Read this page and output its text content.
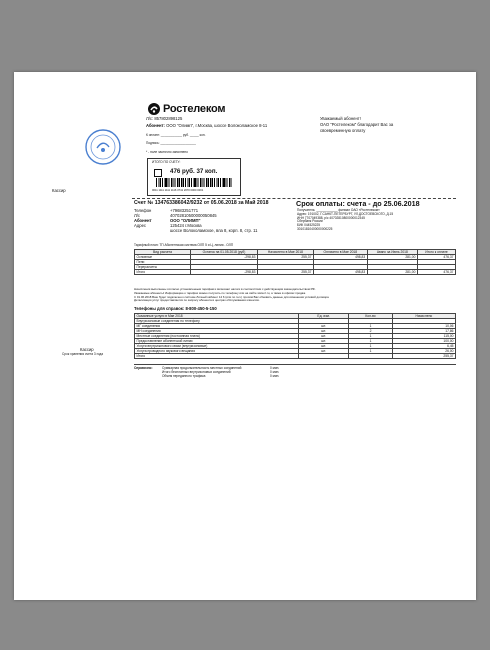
Ростелеком
Л/с: 857802898125
Абонент: ООО "Олимп", г.Москва, шоссе Волоколамское 8-11
К оплате: ____________ руб. _____ коп.
Подпись: ____________________
* - поле частично заполнено
Уважаемый абонент!
ОАО "Ростелеком" благодарит Вас за
своевременную оплату
ИТОГО ПО СЧЕТУ:
476 руб. 37 коп.
0011 1111 1111 1116 3741 2070 0000 0001
Кассир
Счет № 134763386042/9232 от 05.06.2018 за Май 2018	Срок оплаты: счета - до 25.06.2018
Телефон	+79683251771
Л/с	40702810500000050845
Абонент	ООО "ОЛИМП"
Адрес	125424 г.Москва
шоссе Волоколамское, вла 8, корп. 8, стр. 11
Получатель: ____________ филиал ОАО «Ростелеком»
Адрес: 191002, Г.САНКТ-ПЕТЕРБУРГ, УЛ.ДОСТОЕВСКОГО, Д.15
ИНН 7707049388, р/с 40702810800000012345
Сбербанк России
БИК 044525225
30101810400000000225
Тарифный план: ТП Абонентская система ОЛП 5 и Ц, линия - ОЛП
Вид расчета	Остаток на 01.05.2018 (руб)	Начислено в Мае 2018	Оплачено в Мае 2018	Аванс за Июнь 2018	Итого к оплате
Основные	-298,83	255,37	498,83	281,00	476,37
Пени					
Перерасчеты					
Итого	-298,83	255,37	498,83	281,00	476,37
Начисления выполнены согласно установленным тарифам и включают налоги в соответствии с действующим законодательством РФ.
Уважаемые абоненты! Информацию о тарифах можно получить по телефону или на сайте www.rt.ru, а также в офисах продаж.
С 01.06.2018 Ваш будет подключен к системе Личный кабинет 14 6 (или по тел.) просим Вас обновить данные для изменения условий договора
Детализация услуг предоставляется по запросу абонента в центрах обслуживания клиентов.
Телефоны для справок: 8-800-450-5-150
Оказанные услуги в Мае 2018	Ед. изм.	Кол-во	Начислено
Внутризоновые соединения по телефону			
МГ соединения	шт.	1	10,06
МН соединения	шт.	2	17,86
Местные соединения (постоянная плата)	шт.	1	115,00
Предоставление абонентской линии	шт.	1	100,00
Услуги внутризонового связи (внутризоновые)	шт.	1	6,45
Услуга проводного звукового вещания	шт.	1	26,00
Итого			255,37
Кассир
Срок хранения счета 3 года
Справочно:	Суммарная продолжительность местных соединений	0 мин.
Итого бесплатных внутризоновых соединений	0 мин.
Объем переданного трафика	0 мин.
